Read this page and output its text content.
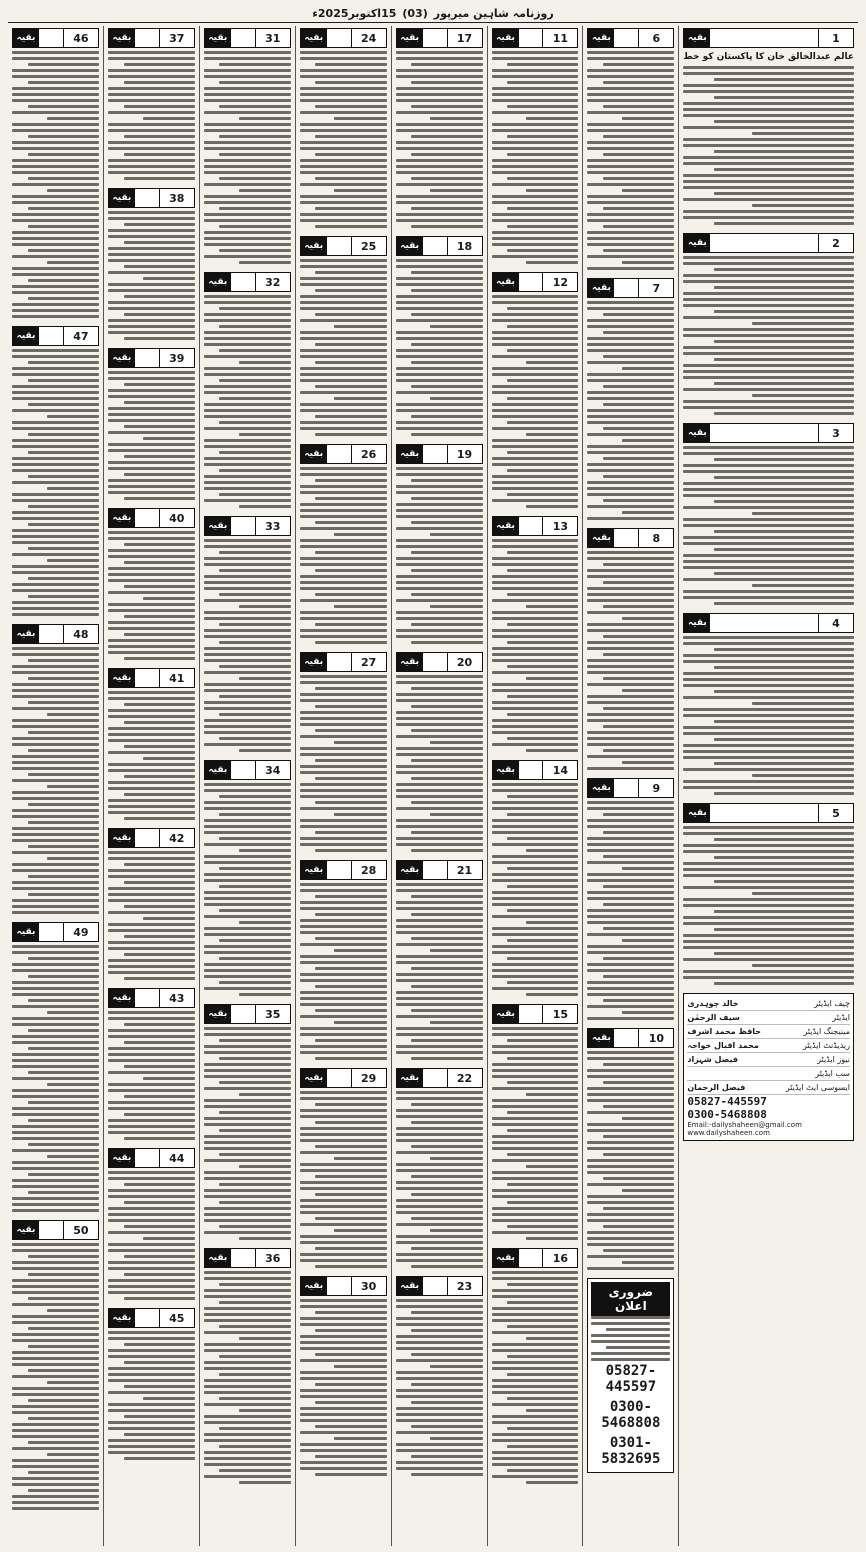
روزنامہ شاہین میرپور
(03)
15اکتوبر2025ء
1
بقیہ
عالم عبدالخالق خان کا پاکستان کو خط
2
بقیہ
3
بقیہ
4
بقیہ
5
بقیہ
چیف ایڈیٹر
خالد چوہدری
ایڈیٹر
سیف الرحمٰن
مینیجنگ ایڈیٹر
حافظ محمد اشرف
ریذیڈنٹ ایڈیٹر
محمد اقبال خواجہ
نیوز ایڈیٹر
فیصل شہزاد
سب ایڈیٹر
ایسوسی ایٹ ایڈیٹر
فیصل الرحمان
05827-445597
0300-5468808
Email:-dailyshaheen@gmail.com
www.dailyshaheen.com
6
بقیہ
7
بقیہ
8
بقیہ
9
بقیہ
10
بقیہ
ضروری اعلان
05827-445597
0300-5468808
0301-5832695
11
بقیہ
12
بقیہ
13
بقیہ
14
بقیہ
15
بقیہ
16
بقیہ
17
بقیہ
18
بقیہ
19
بقیہ
20
بقیہ
21
بقیہ
22
بقیہ
23
بقیہ
24
بقیہ
25
بقیہ
26
بقیہ
27
بقیہ
28
بقیہ
29
بقیہ
30
بقیہ
31
بقیہ
32
بقیہ
33
بقیہ
34
بقیہ
35
بقیہ
36
بقیہ
37
بقیہ
38
بقیہ
39
بقیہ
40
بقیہ
41
بقیہ
42
بقیہ
43
بقیہ
44
بقیہ
45
بقیہ
46
بقیہ
47
بقیہ
48
بقیہ
49
بقیہ
50
بقیہ
